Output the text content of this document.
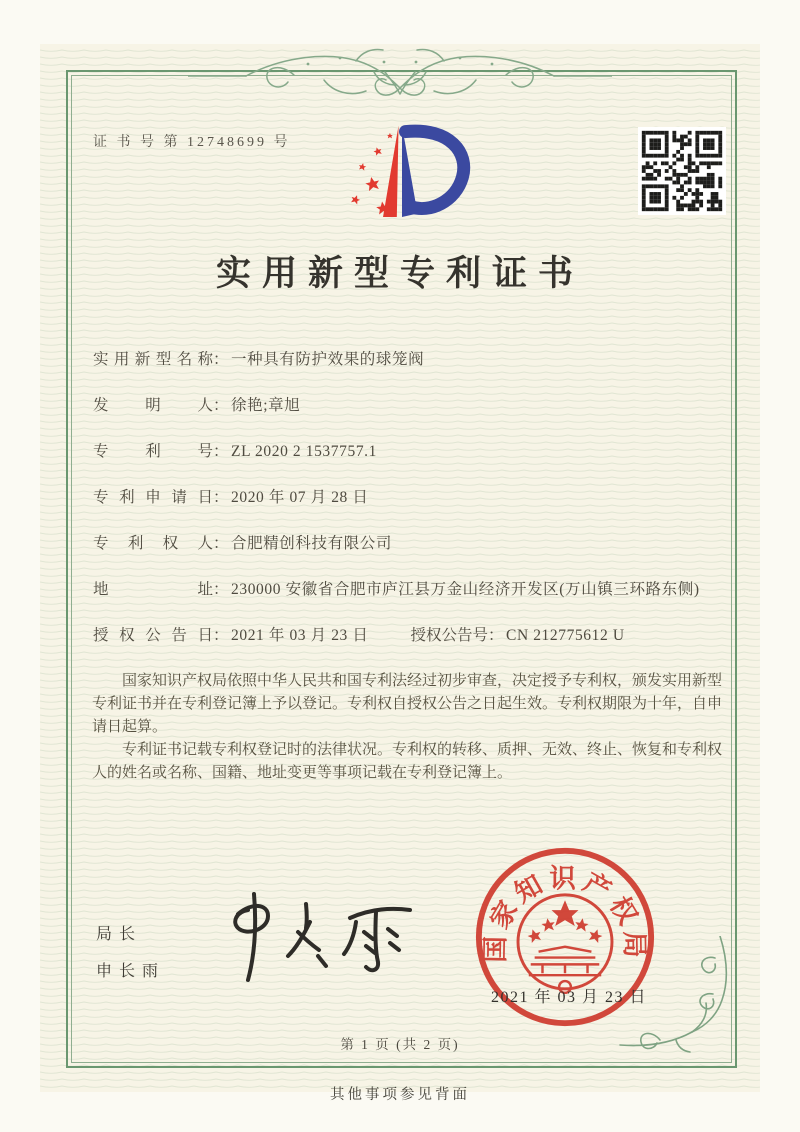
证 书 号 第 12748699 号
实用新型专利证书
实用新型名称 ： 一种具有防护效果的球笼阀
发明人 ： 徐艳;章旭
专利号 ： ZL 2020 2 1537757.1
专利申请日 ： 2020 年 07 月 28 日
专利权人 ： 合肥精创科技有限公司
地址 ： 230000 安徽省合肥市庐江县万金山经济开发区(万山镇三环路东侧)
授权公告日 ： 2021 年 03 月 23 日	授权公告号 ： CN 212775612 U

国家知识产权局依照中华人民共和国专利法经过初步审查，决定授予专利权，颁发实用新型专利证书并在专利登记簿上予以登记。专利权自授权公告之日起生效。专利权期限为十年，自申请日起算。

专利证书记载专利权登记时的法律状况。专利权的转移、质押、无效、终止、恢复和专利权人的姓名或名称、国籍、地址变更等事项记载在专利登记簿上。

局长
申长雨
国家知识产权局
2021 年 03 月 23 日
第 1 页 (共 2 页)
其他事项参见背面
